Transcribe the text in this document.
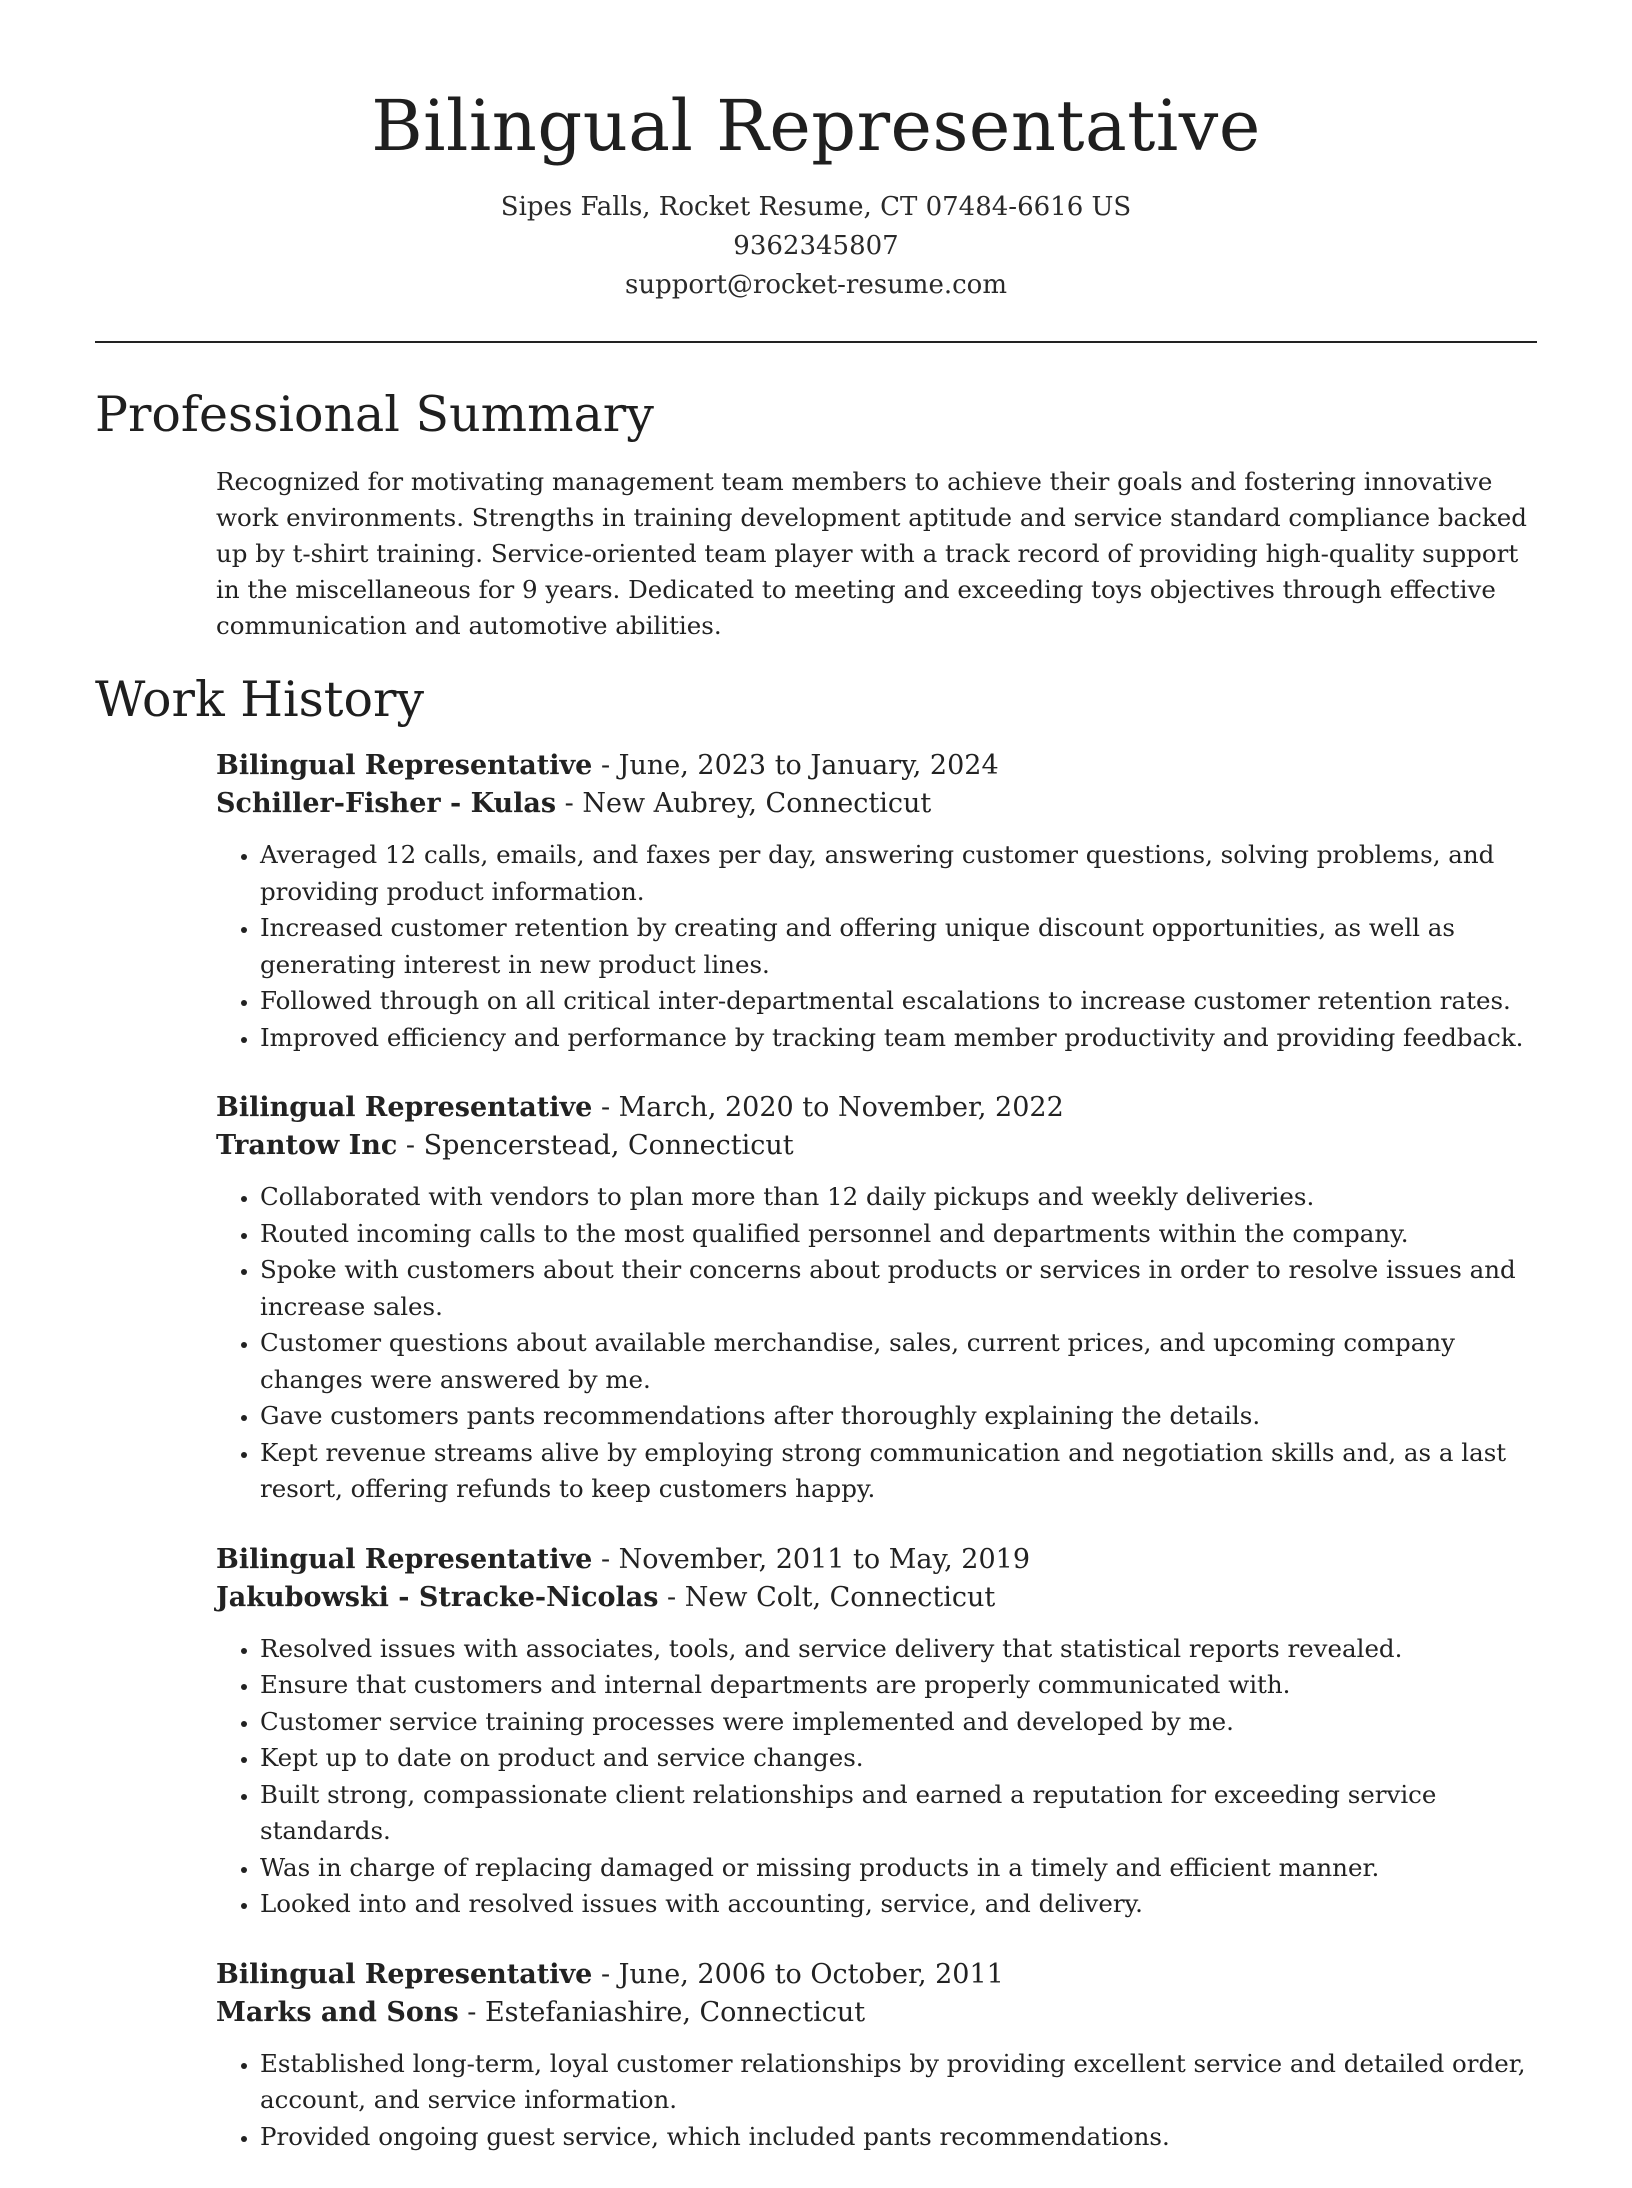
Bilingual Representative
Sipes Falls, Rocket Resume, CT 07484-6616 US
9362345807
support@rocket-resume.com
Professional Summary

Recognized for motivating management team members to achieve their goals and fostering innovative work environments. Strengths in training development aptitude and service standard compliance backed up by t-shirt training. Service-oriented team player with a track record of providing high-quality support in the miscellaneous for 9 years. Dedicated to meeting and exceeding toys objectives through effective communication and automotive abilities.

Work History
Bilingual Representative - June, 2023 to January, 2024
Schiller-Fisher - Kulas - New Aubrey, Connecticut
• Averaged 12 calls, emails, and faxes per day, answering customer questions, solving problems, and providing product information.
• Increased customer retention by creating and offering unique discount opportunities, as well as generating interest in new product lines.
• Followed through on all critical inter-departmental escalations to increase customer retention rates.
• Improved efficiency and performance by tracking team member productivity and providing feedback.
Bilingual Representative - March, 2020 to November, 2022
Trantow Inc - Spencerstead, Connecticut
• Collaborated with vendors to plan more than 12 daily pickups and weekly deliveries.
• Routed incoming calls to the most qualified personnel and departments within the company.
• Spoke with customers about their concerns about products or services in order to resolve issues and increase sales.
• Customer questions about available merchandise, sales, current prices, and upcoming company changes were answered by me.
• Gave customers pants recommendations after thoroughly explaining the details.
• Kept revenue streams alive by employing strong communication and negotiation skills and, as a last resort, offering refunds to keep customers happy.
Bilingual Representative - November, 2011 to May, 2019
Jakubowski - Stracke-Nicolas - New Colt, Connecticut
• Resolved issues with associates, tools, and service delivery that statistical reports revealed.
• Ensure that customers and internal departments are properly communicated with.
• Customer service training processes were implemented and developed by me.
• Kept up to date on product and service changes.
• Built strong, compassionate client relationships and earned a reputation for exceeding service standards.
• Was in charge of replacing damaged or missing products in a timely and efficient manner.
• Looked into and resolved issues with accounting, service, and delivery.
Bilingual Representative - June, 2006 to October, 2011
Marks and Sons - Estefaniashire, Connecticut
• Established long-term, loyal customer relationships by providing excellent service and detailed order, account, and service information.
• Provided ongoing guest service, which included pants recommendations.
